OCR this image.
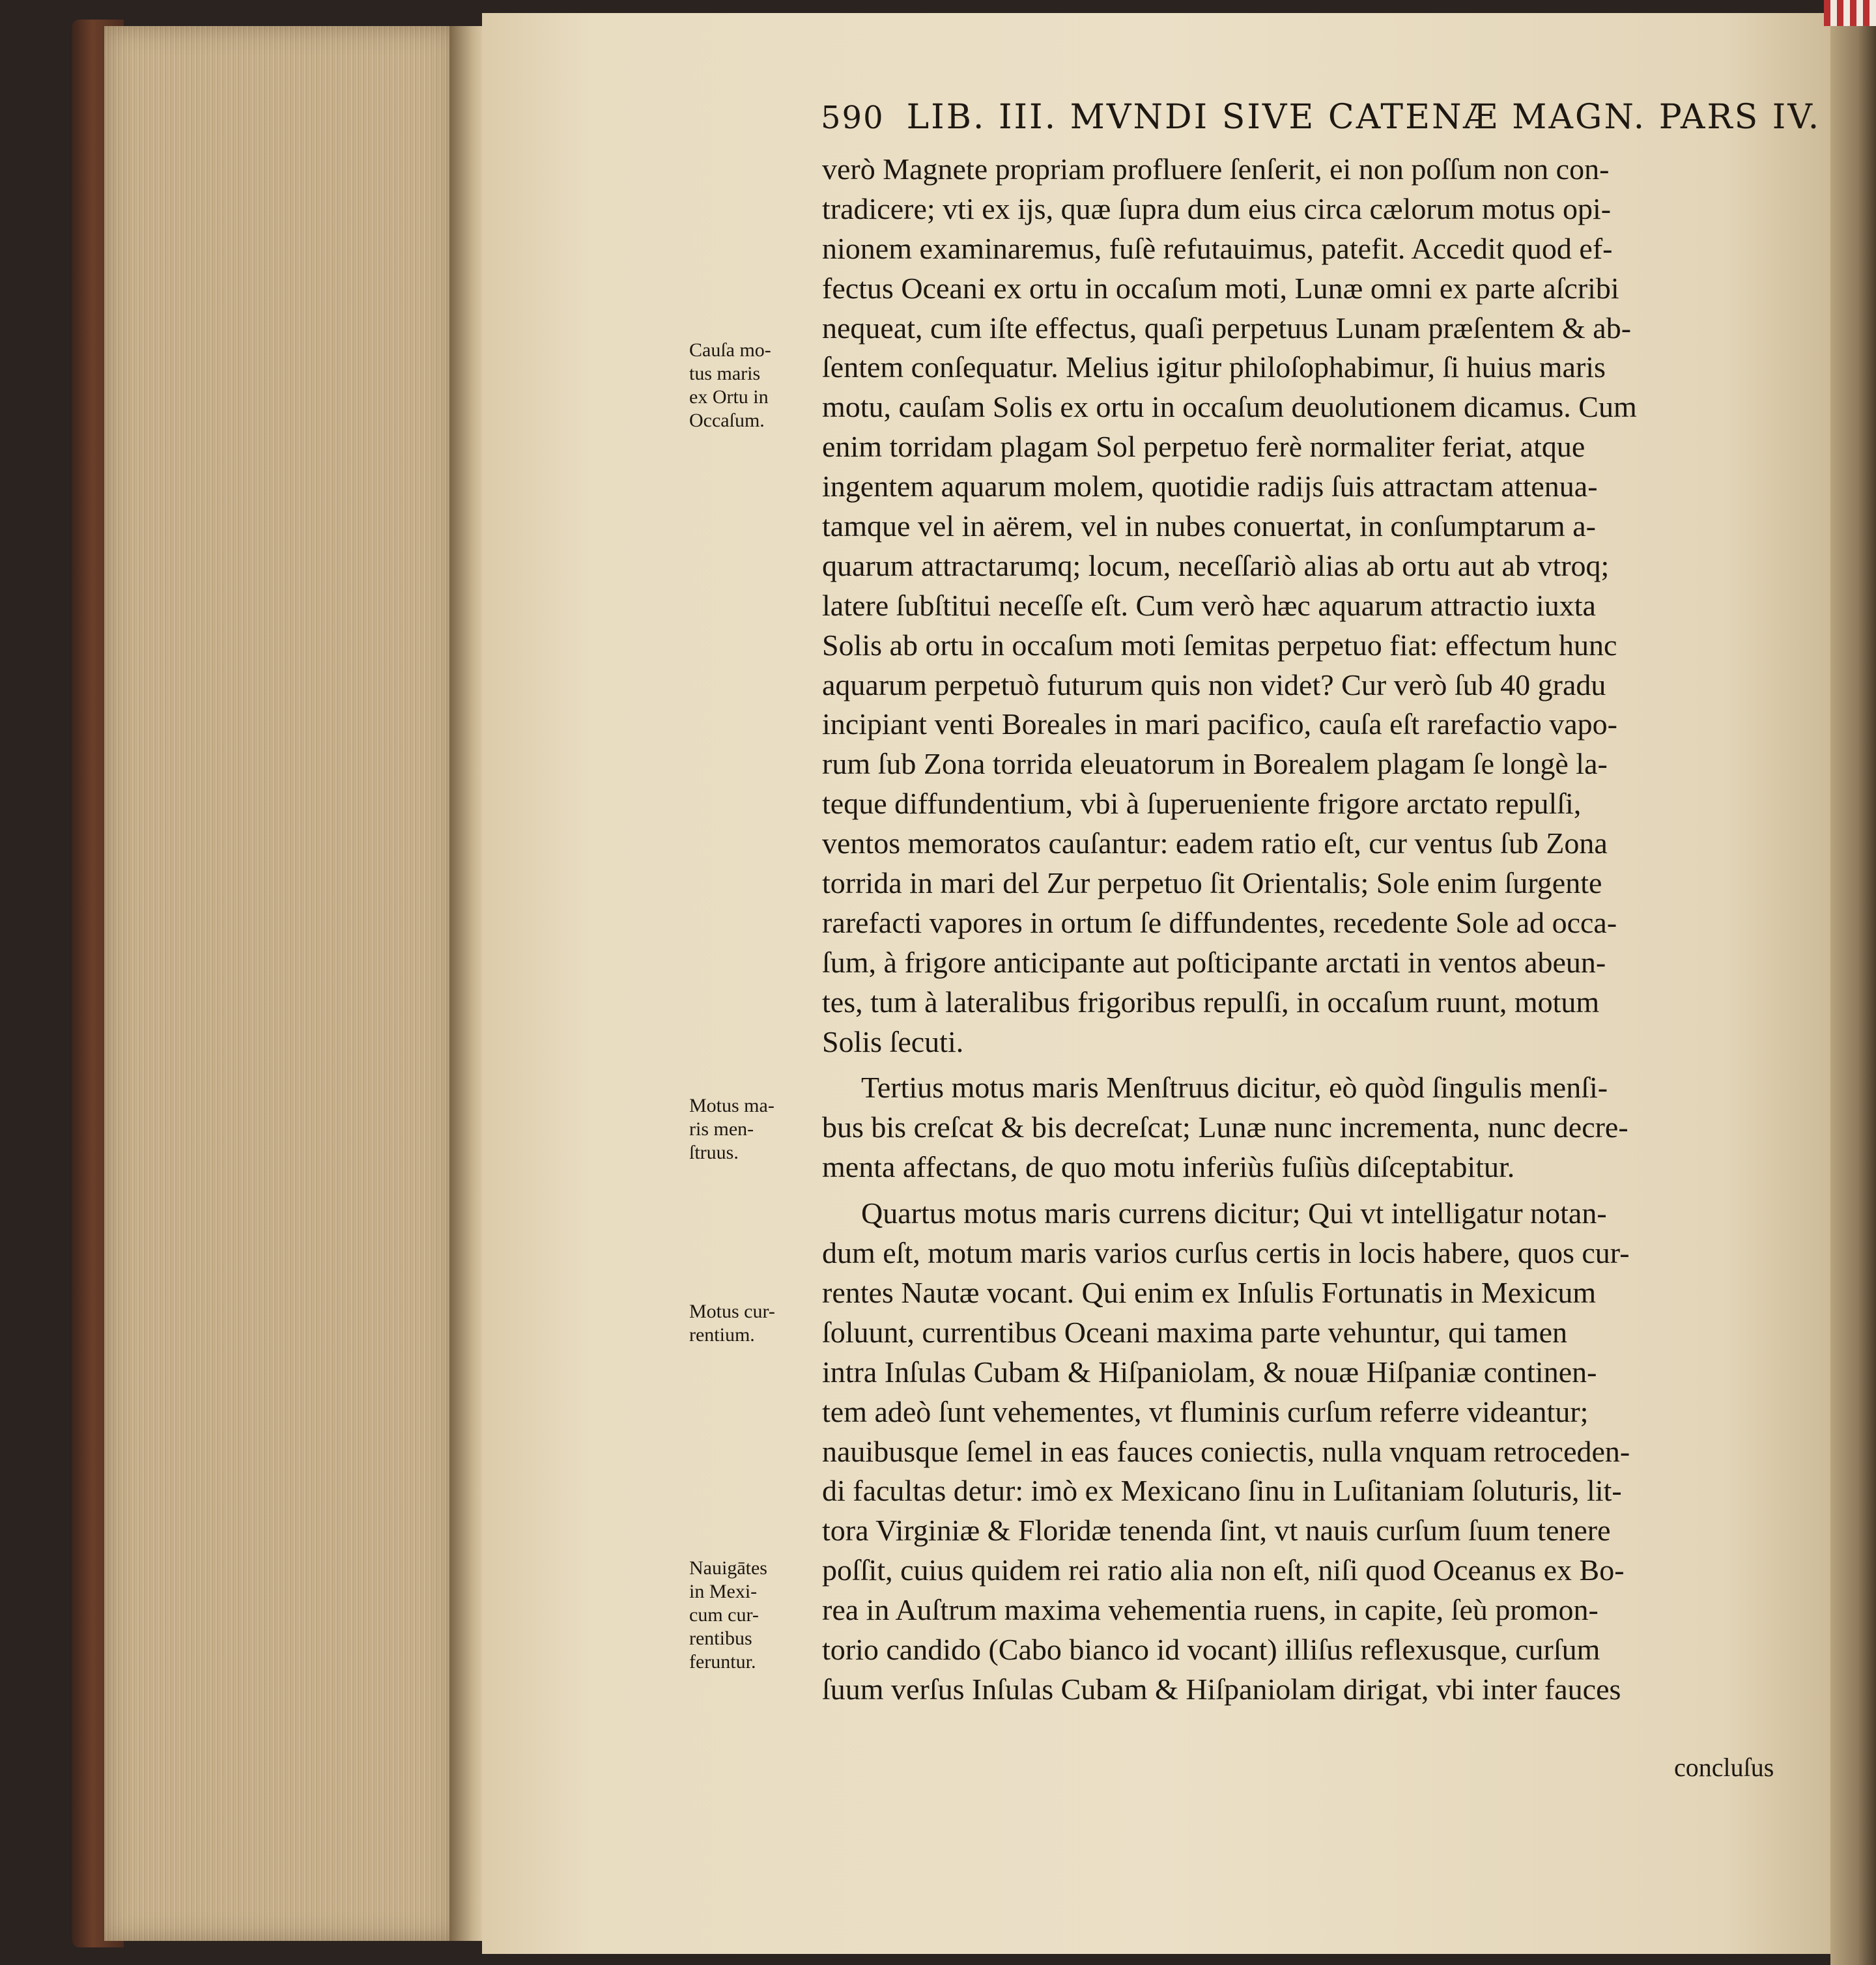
590 LIB. III. MVNDI SIVE CATENÆ MAGN. PARS IV.
verò Magnete propriam profluere ſenſerit, ei non poſſum non con-
tradicere; vti ex ijs, quæ ſupra dum eius circa cælorum motus opi-
nionem examinaremus, fuſè refutauimus, patefit. Accedit quod ef-
fectus Oceani ex ortu in occaſum moti, Lunæ omni ex parte aſcribi
nequeat, cum iſte effectus, quaſi perpetuus Lunam præſentem & ab-
ſentem conſequatur. Melius igitur philoſophabimur, ſi huius maris
motu, cauſam Solis ex ortu in occaſum deuolutionem dicamus. Cum
enim torridam plagam Sol perpetuo ferè normaliter feriat, atque
ingentem aquarum molem, quotidie radijs ſuis attractam attenua-
tamque vel in aërem, vel in nubes conuertat, in conſumptarum a-
quarum attractarumq; locum, neceſſariò alias ab ortu aut ab vtroq;
latere ſubſtitui neceſſe eſt. Cum verò hæc aquarum attractio iuxta
Solis ab ortu in occaſum moti ſemitas perpetuo fiat: effectum hunc
aquarum perpetuò futurum quis non videt? Cur verò ſub 40 gradu
incipiant venti Boreales in mari pacifico, cauſa eſt rarefactio vapo-
rum ſub Zona torrida eleuatorum in Borealem plagam ſe longè la-
teque diffundentium, vbi à ſuperueniente frigore arctato repulſi,
ventos memoratos cauſantur: eadem ratio eſt, cur ventus ſub Zona
torrida in mari del Zur perpetuo ſit Orientalis; Sole enim ſurgente
rarefacti vapores in ortum ſe diffundentes, recedente Sole ad occa-
ſum, à frigore anticipante aut poſticipante arctati in ventos abeun-
tes, tum à lateralibus frigoribus repulſi, in occaſum ruunt, motum
Solis ſecuti.
Tertius motus maris Menſtruus dicitur, eò quòd ſingulis menſi-
bus bis creſcat & bis decreſcat; Lunæ nunc incrementa, nunc decre-
menta affectans, de quo motu inferiùs fuſiùs diſceptabitur.
Quartus motus maris currens dicitur; Qui vt intelligatur notan-
dum eſt, motum maris varios curſus certis in locis habere, quos cur-
rentes Nautæ vocant. Qui enim ex Inſulis Fortunatis in Mexicum
ſoluunt, currentibus Oceani maxima parte vehuntur, qui tamen
intra Inſulas Cubam & Hiſpaniolam, & nouæ Hiſpaniæ continen-
tem adeò ſunt vehementes, vt fluminis curſum referre videantur;
nauibusque ſemel in eas fauces coniectis, nulla vnquam retroceden-
di facultas detur: imò ex Mexicano ſinu in Luſitaniam ſoluturis, lit-
tora Virginiæ & Floridæ tenenda ſint, vt nauis curſum ſuum tenere
poſſit, cuius quidem rei ratio alia non eſt, niſi quod Oceanus ex Bo-
rea in Auſtrum maxima vehementia ruens, in capite, ſeù promon-
torio candido (Cabo bianco id vocant) illiſus reflexusque, curſum
ſuum verſus Inſulas Cubam & Hiſpaniolam dirigat, vbi inter fauces
Cauſa mo-
tus maris
ex Ortu in
Occaſum.
Motus ma-
ris men-
ſtruus.
Motus cur-
rentium.
Nauigātes
in Mexi-
cum cur-
rentibus
feruntur.
concluſus
